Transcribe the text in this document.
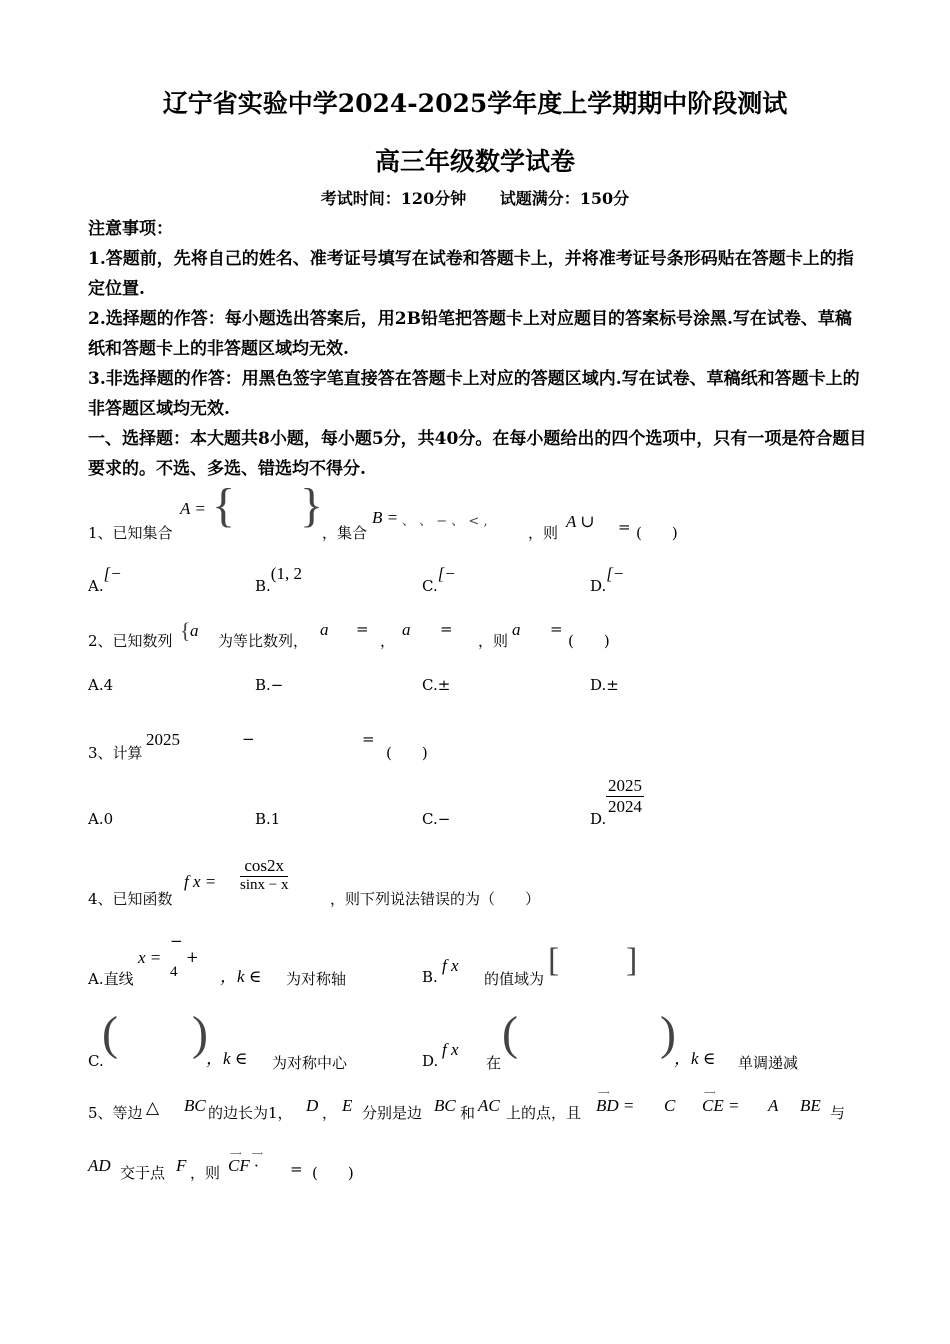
辽宁省实验中学2024-2025学年度上学期期中阶段测试
高三年级数学试卷
考试时间：120分钟 试题满分：150分

注意事项：

1.答题前，先将自己的姓名、准考证号填写在试卷和答题卡上，并将准考证号条形码贴在答题卡上的指定位置.

2.选择题的作答：每小题选出答案后，用2B铅笔把答题卡上对应题目的答案标号涂黑.写在试卷、草稿纸和答题卡上的非答题区域均无效.

3.非选择题的作答：用黑色签字笔直接答在答题卡上对应的答题区域内.写在试卷、草稿纸和答题卡上的非答题区域均无效.

一、选择题：本大题共8小题，每小题5分，共40分。在每小题给出的四个选项中，只有一项是符合题目要求的。不选、多选、错选均不得分.

1、已知集合
A = { }
，集合
B = 、 、 − 、 < ,
，则
A ∪ = (　　)
A.[−
B.(1, 2
C.[−
D.[−
2、已知数列 { a
为等比数列，
a =
，
a =
，则
a =
(　　)
A.4	B.−	C.±	D.±
3、计算
2025	−	=
(　　)
A.0	B.1	C.−	D.
$\frac{2025}{2024}$
4、已知函数
f $x = \frac{\cos 2x}{\sin x - x}$
，则下列说法错误的为（　　）
A.直线
x =
−
4
+
，k ∈ 为对称轴	B.
f x
的值域为 [ ]
C.
( )
，k ∈ 为对称中心	D.
f x
在
(	)
，k ∈ 单调递减
5、等边 △ BC 的边长为1， D ， E 分别是边 BC 和 AC 上的点，且
⟶
BD = C
⟶
CE = A BE 与
AD 交于点 F ，则
⟶　⟶
CF · = (　　)
